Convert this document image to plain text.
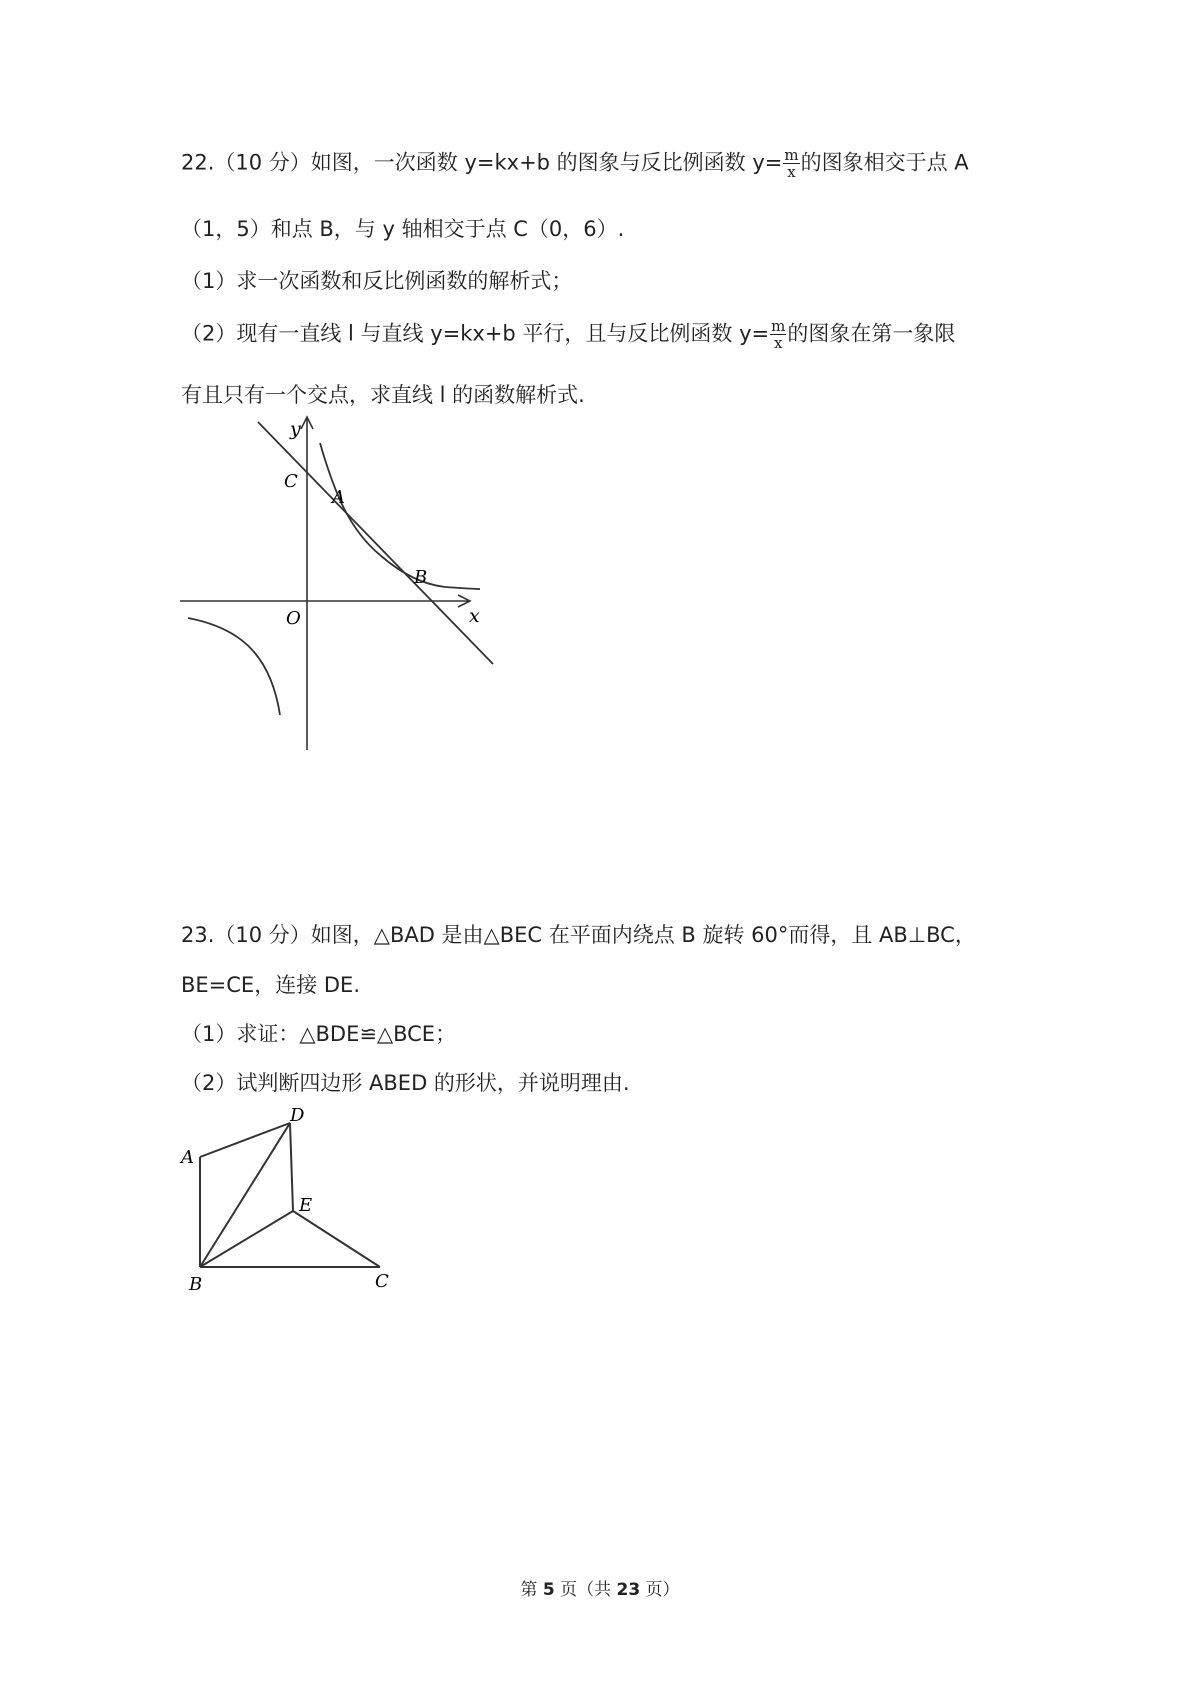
22.（10 分）如图，一次函数 y=kx+b 的图象与反比例函数 $y= \frac{m}{x}$ 的图象相交于点 A
（1，5）和点 B，与 y 轴相交于点 C（0，6）.
（1）求一次函数和反比例函数的解析式；
（2）现有一直线 l 与直线 y=kx+b 平行，且与反比例函数 $y= \frac{m}{x}$ 的图象在第一象限
有且只有一个交点，求直线 l 的函数解析式.
y
x
O
C
A
B
23.（10 分）如图，△BAD 是由△BEC 在平面内绕点 B 旋转 60°而得，且 AB⊥BC，
BE=CE，连接 DE.
（1）求证：△BDE≌△BCE；
（2）试判断四边形 ABED 的形状，并说明理由.
A
B	C
D
E
第 5 页（共 23 页）
